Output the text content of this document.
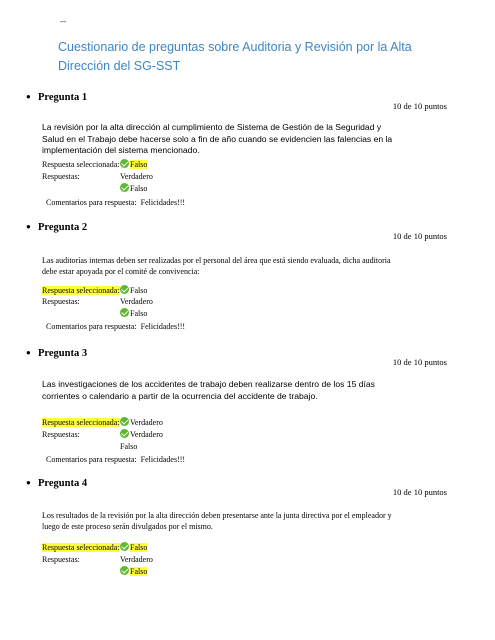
--
Cuestionario de preguntas sobre Auditoria y Revisión por la Alta Dirección del SG-SST
● Pregunta 1
10 de 10 puntos
La revisión por la alta dirección al cumplimiento de Sistema de Gestión de la Seguridad y Salud en el Trabajo debe hacerse solo a fin de año cuando se evidencien las falencias en la implementación del sistema mencionado.
Respuesta seleccionada:	Falso
Respuestas:	Verdadero
Falso
Comentarios para respuesta: Felicidades!!!
● Pregunta 2
10 de 10 puntos
Las auditorías internas deben ser realizadas por el personal del área que está siendo evaluada, dicha auditoria debe estar apoyada por el comité de convivencia:
Respuesta seleccionada:	Falso
Respuestas:	Verdadero
Falso
Comentarios para respuesta: Felicidades!!!
● Pregunta 3
10 de 10 puntos
Las investigaciones de los accidentes de trabajo deben realizarse dentro de los 15 días corrientes o calendario a partir de la ocurrencia del accidente de trabajo.
Respuesta seleccionada:	Verdadero
Respuestas:	Verdadero
Falso
Comentarios para respuesta: Felicidades!!!
● Pregunta 4
10 de 10 puntos
Los resultados de la revisión por la alta dirección deben presentarse ante la junta directiva por el empleador y luego de este proceso serán divulgados por el mismo.
Respuesta seleccionada:	Falso
Respuestas:	Verdadero
Falso
